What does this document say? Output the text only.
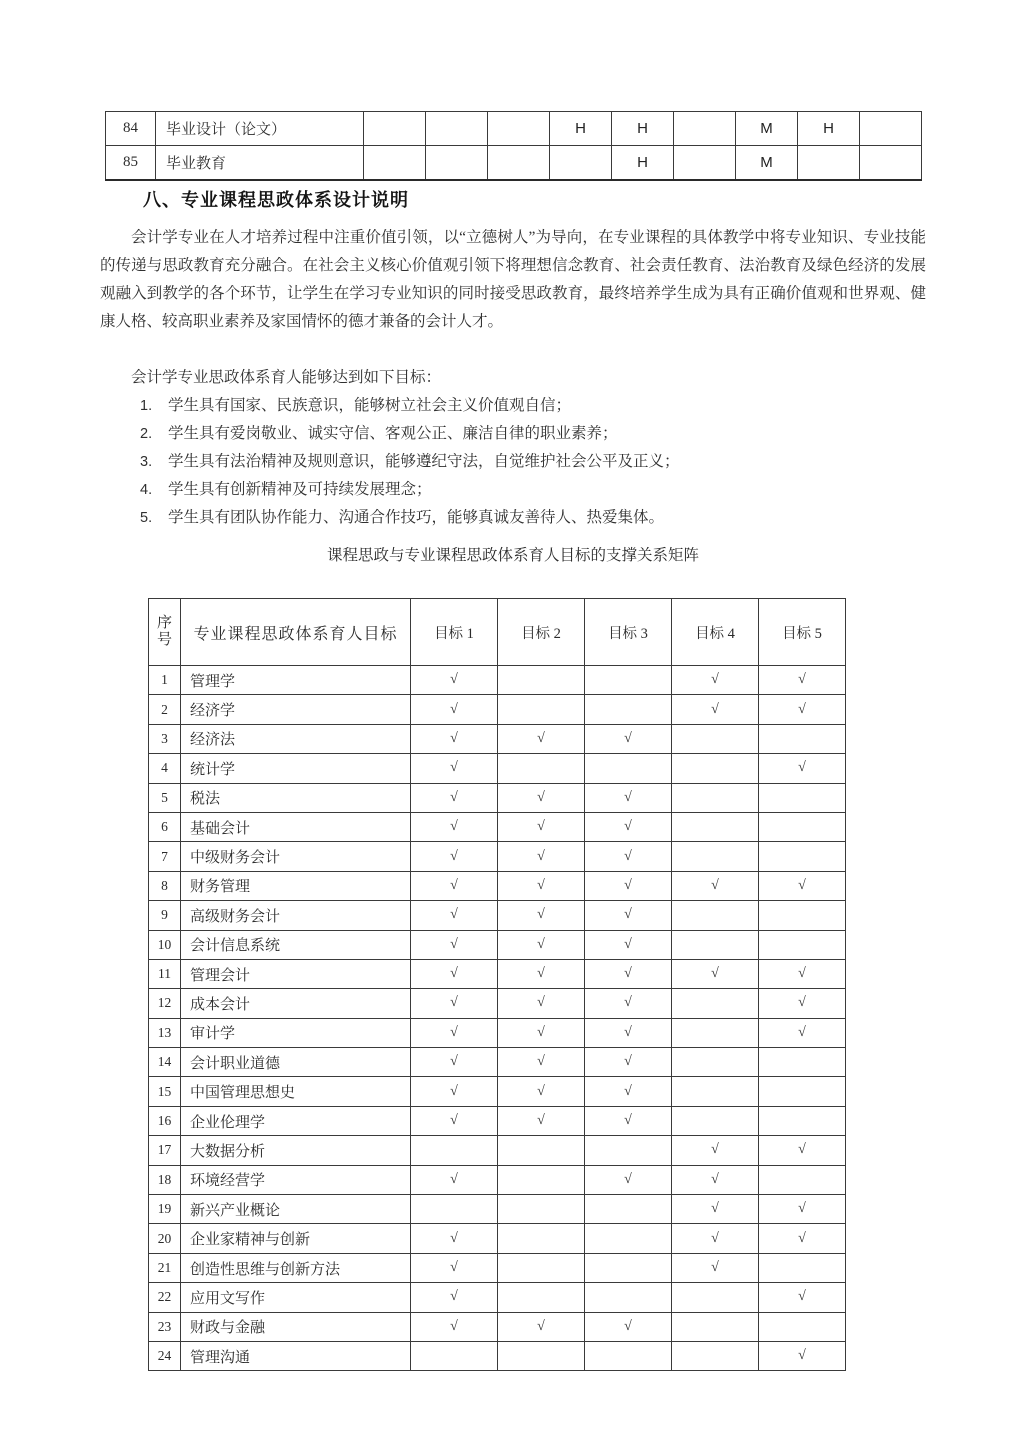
84	毕业设计（论文）				H	H		M	H	
85	毕业教育					H		M		
八、专业课程思政体系设计说明

会计学专业在人才培养过程中注重价值引领，以“立德树人”为导向，在专业课程的具体教学中将专业知识、专业技能的传递与思政教育充分融合。在社会主义核心价值观引领下将理想信念教育、社会责任教育、法治教育及绿色经济的发展观融入到教学的各个环节，让学生在学习专业知识的同时接受思政教育，最终培养学生成为具有正确价值观和世界观、健康人格、较高职业素养及家国情怀的德才兼备的会计人才。

会计学专业思政体系育人能够达到如下目标：

1.	学生具有国家、民族意识，能够树立社会主义价值观自信；
2.	学生具有爱岗敬业、诚实守信、客观公正、廉洁自律的职业素养；
3.	学生具有法治精神及规则意识，能够遵纪守法，自觉维护社会公平及正义；
4.	学生具有创新精神及可持续发展理念；
5.	学生具有团队协作能力、沟通合作技巧，能够真诚友善待人、热爱集体。
课程思政与专业课程思政体系育人目标的支撑关系矩阵
序号	专业课程思政体系育人目标	目标 1	目标 2	目标 3	目标 4	目标 5
1	管理学	√			√	√
2	经济学	√			√	√
3	经济法	√	√	√		
4	统计学	√				√
5	税法	√	√	√		
6	基础会计	√	√	√		
7	中级财务会计	√	√	√		
8	财务管理	√	√	√	√	√
9	高级财务会计	√	√	√		
10	会计信息系统	√	√	√		
11	管理会计	√	√	√	√	√
12	成本会计	√	√	√		√
13	审计学	√	√	√		√
14	会计职业道德	√	√	√		
15	中国管理思想史	√	√	√		
16	企业伦理学	√	√	√		
17	大数据分析				√	√
18	环境经营学	√		√	√	
19	新兴产业概论				√	√
20	企业家精神与创新	√			√	√
21	创造性思维与创新方法	√			√	
22	应用文写作	√				√
23	财政与金融	√	√	√		
24	管理沟通					√
